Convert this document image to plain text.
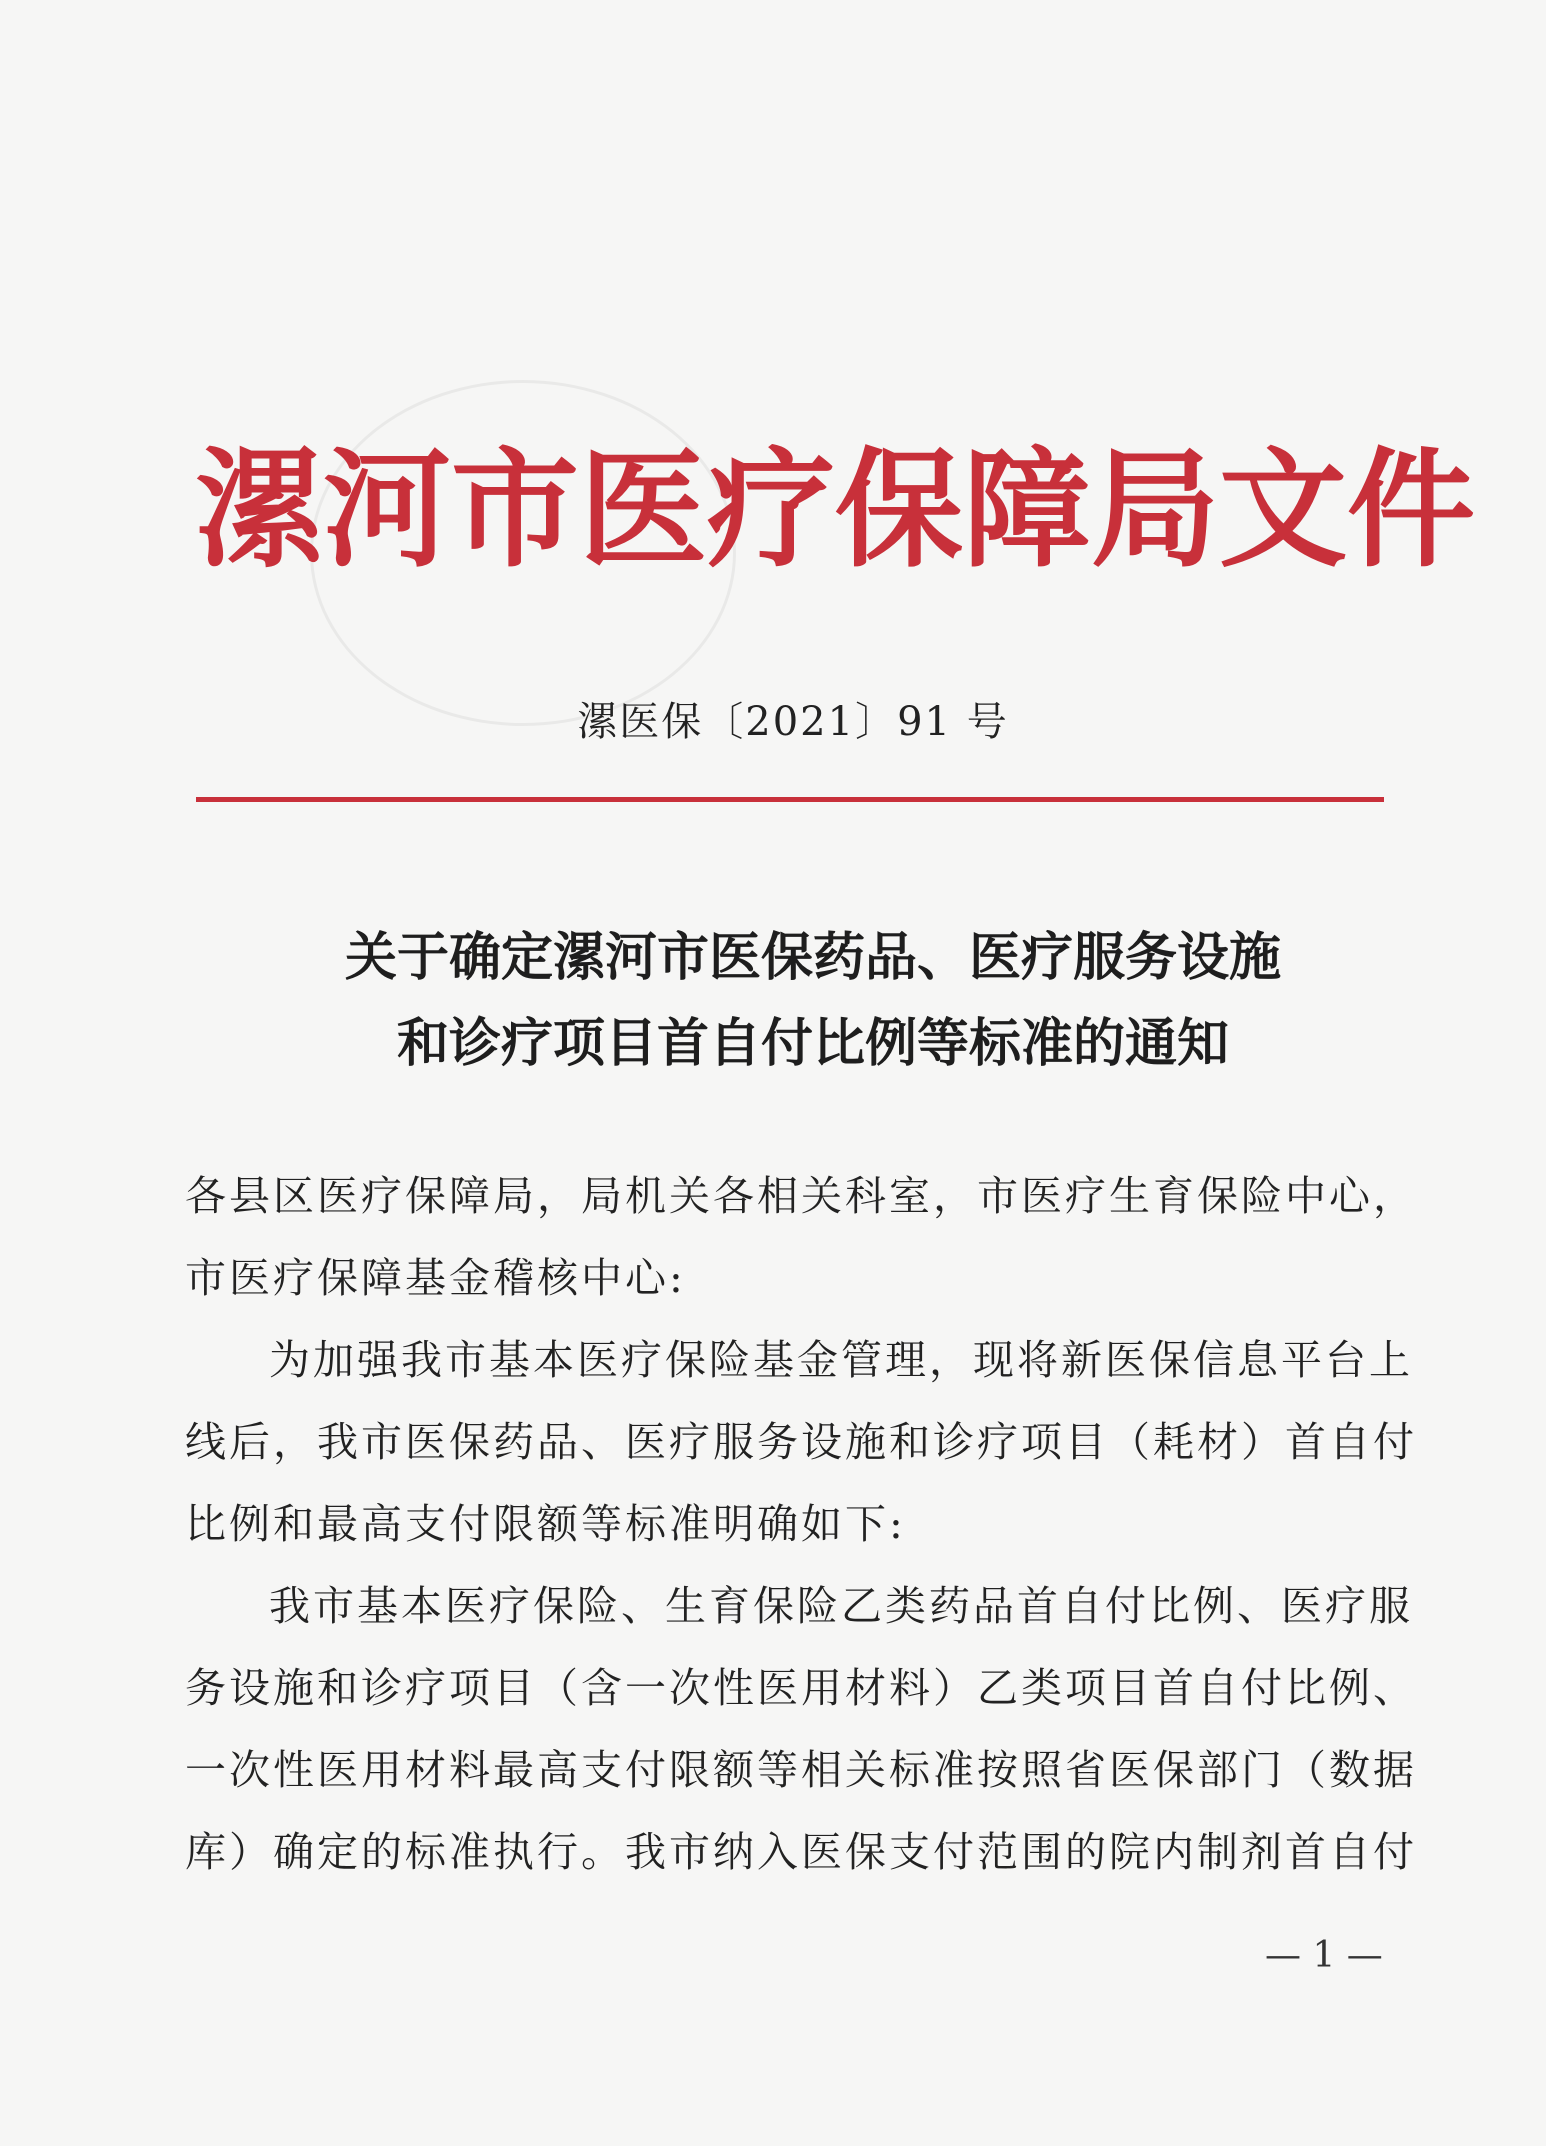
漯河市医疗保障局文件
漯医保〔2021〕91 号
关于确定漯河市医保药品、医疗服务设施
和诊疗项目首自付比例等标准的通知
各县区医疗保障局，局机关各相关科室，市医疗生育保险中心，
市医疗保障基金稽核中心:
为加强我市基本医疗保险基金管理，现将新医保信息平台上
线后，我市医保药品、医疗服务设施和诊疗项目（耗材）首自付
比例和最高支付限额等标准明确如下:
我市基本医疗保险、生育保险乙类药品首自付比例、医疗服
务设施和诊疗项目（含一次性医用材料）乙类项目首自付比例、
一次性医用材料最高支付限额等相关标准按照省医保部门（数据
库）确定的标准执行。我市纳入医保支付范围的院内制剂首自付
— 1 —
